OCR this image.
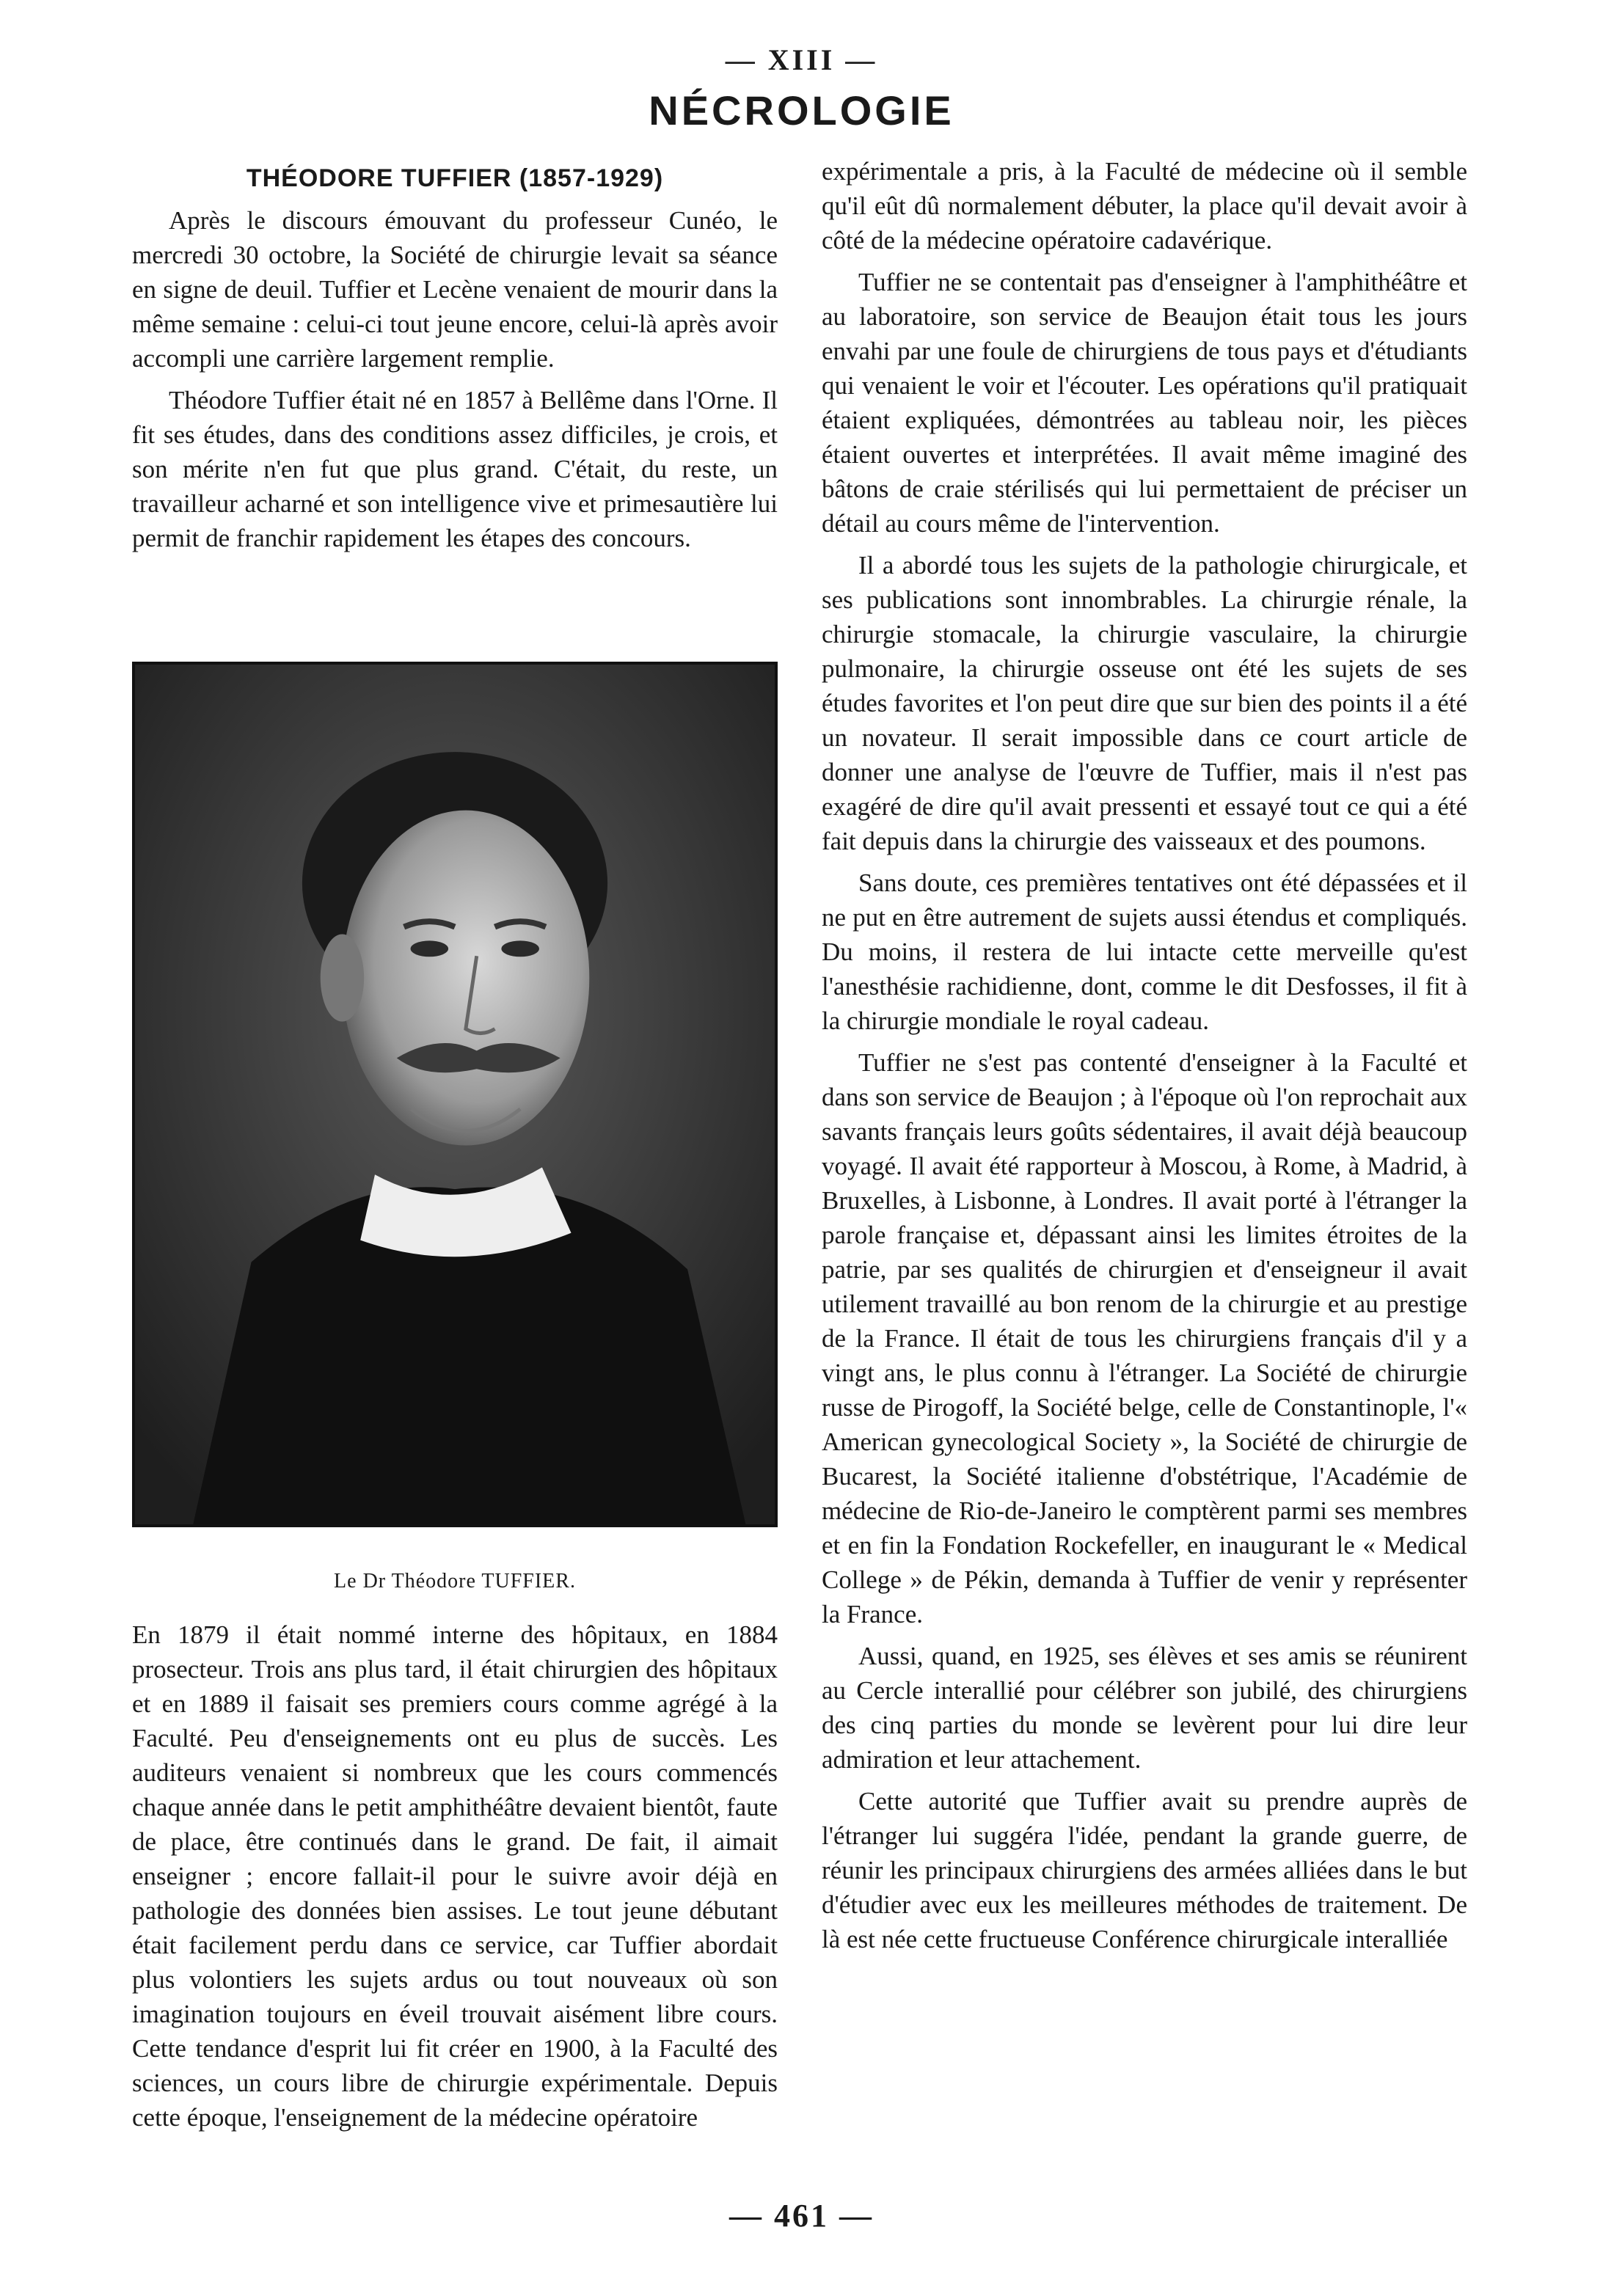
— XIII —
NÉCROLOGIE

THÉODORE TUFFIER (1857-1929)

Après le discours émouvant du professeur Cunéo, le mercredi 30 octobre, la Société de chirurgie levait sa séance en signe de deuil. Tuffier et Lecène venaient de mourir dans la même semaine : celui-ci tout jeune encore, celui-là après avoir accompli une carrière largement remplie.

Théodore Tuffier était né en 1857 à Bellême dans l'Orne. Il fit ses études, dans des conditions assez difficiles, je crois, et son mérite n'en fut que plus grand. C'était, du reste, un travailleur acharné et son intelligence vive et primesautière lui permit de franchir rapidement les étapes des concours.

Le Dr Théodore TUFFIER.

En 1879 il était nommé interne des hôpitaux, en 1884 prosecteur. Trois ans plus tard, il était chirurgien des hôpitaux et en 1889 il faisait ses premiers cours comme agrégé à la Faculté. Peu d'enseignements ont eu plus de succès. Les auditeurs venaient si nombreux que les cours commencés chaque année dans le petit amphithéâtre devaient bientôt, faute de place, être continués dans le grand. De fait, il aimait enseigner ; encore fallait-il pour le suivre avoir déjà en pathologie des données bien assises. Le tout jeune débutant était facilement perdu dans ce service, car Tuffier abordait plus volontiers les sujets ardus ou tout nouveaux où son imagination toujours en éveil trouvait aisément libre cours. Cette tendance d'esprit lui fit créer en 1900, à la Faculté des sciences, un cours libre de chirurgie expérimentale. Depuis cette époque, l'enseignement de la médecine opératoire

expérimentale a pris, à la Faculté de médecine où il semble qu'il eût dû normalement débuter, la place qu'il devait avoir à côté de la médecine opératoire cadavérique.

Tuffier ne se contentait pas d'enseigner à l'amphithéâtre et au laboratoire, son service de Beaujon était tous les jours envahi par une foule de chirurgiens de tous pays et d'étudiants qui venaient le voir et l'écouter. Les opérations qu'il pratiquait étaient expliquées, démontrées au tableau noir, les pièces étaient ouvertes et interprétées. Il avait même imaginé des bâtons de craie stérilisés qui lui permettaient de préciser un détail au cours même de l'intervention.

Il a abordé tous les sujets de la pathologie chirurgicale, et ses publications sont innombrables. La chirurgie rénale, la chirurgie stomacale, la chirurgie vasculaire, la chirurgie pulmonaire, la chirurgie osseuse ont été les sujets de ses études favorites et l'on peut dire que sur bien des points il a été un novateur. Il serait impossible dans ce court article de donner une analyse de l'œuvre de Tuffier, mais il n'est pas exagéré de dire qu'il avait pressenti et essayé tout ce qui a été fait depuis dans la chirurgie des vaisseaux et des poumons.

Sans doute, ces premières tentatives ont été dépassées et il ne put en être autrement de sujets aussi étendus et compliqués. Du moins, il restera de lui intacte cette merveille qu'est l'anesthésie rachidienne, dont, comme le dit Desfosses, il fit à la chirurgie mondiale le royal cadeau.

Tuffier ne s'est pas contenté d'enseigner à la Faculté et dans son service de Beaujon ; à l'époque où l'on reprochait aux savants français leurs goûts sédentaires, il avait déjà beaucoup voyagé. Il avait été rapporteur à Moscou, à Rome, à Madrid, à Bruxelles, à Lisbonne, à Londres. Il avait porté à l'étranger la parole française et, dépassant ainsi les limites étroites de la patrie, par ses qualités de chirurgien et d'enseigneur il avait utilement travaillé au bon renom de la chirurgie et au prestige de la France. Il était de tous les chirurgiens français d'il y a vingt ans, le plus connu à l'étranger. La Société de chirurgie russe de Pirogoff, la Société belge, celle de Constantinople, l'« American gynecological Society », la Société de chirurgie de Bucarest, la Société italienne d'obstétrique, l'Académie de médecine de Rio-de-Janeiro le comptèrent parmi ses membres et en fin la Fondation Rockefeller, en inaugurant le « Medical College » de Pékin, demanda à Tuffier de venir y représenter la France.

Aussi, quand, en 1925, ses élèves et ses amis se réunirent au Cercle interallié pour célébrer son jubilé, des chirurgiens des cinq parties du monde se levèrent pour lui dire leur admiration et leur attachement.

Cette autorité que Tuffier avait su prendre auprès de l'étranger lui suggéra l'idée, pendant la grande guerre, de réunir les principaux chirurgiens des armées alliées dans le but d'étudier avec eux les meilleures méthodes de traitement. De là est née cette fructueuse Conférence chirurgicale interalliée

— 461 —
